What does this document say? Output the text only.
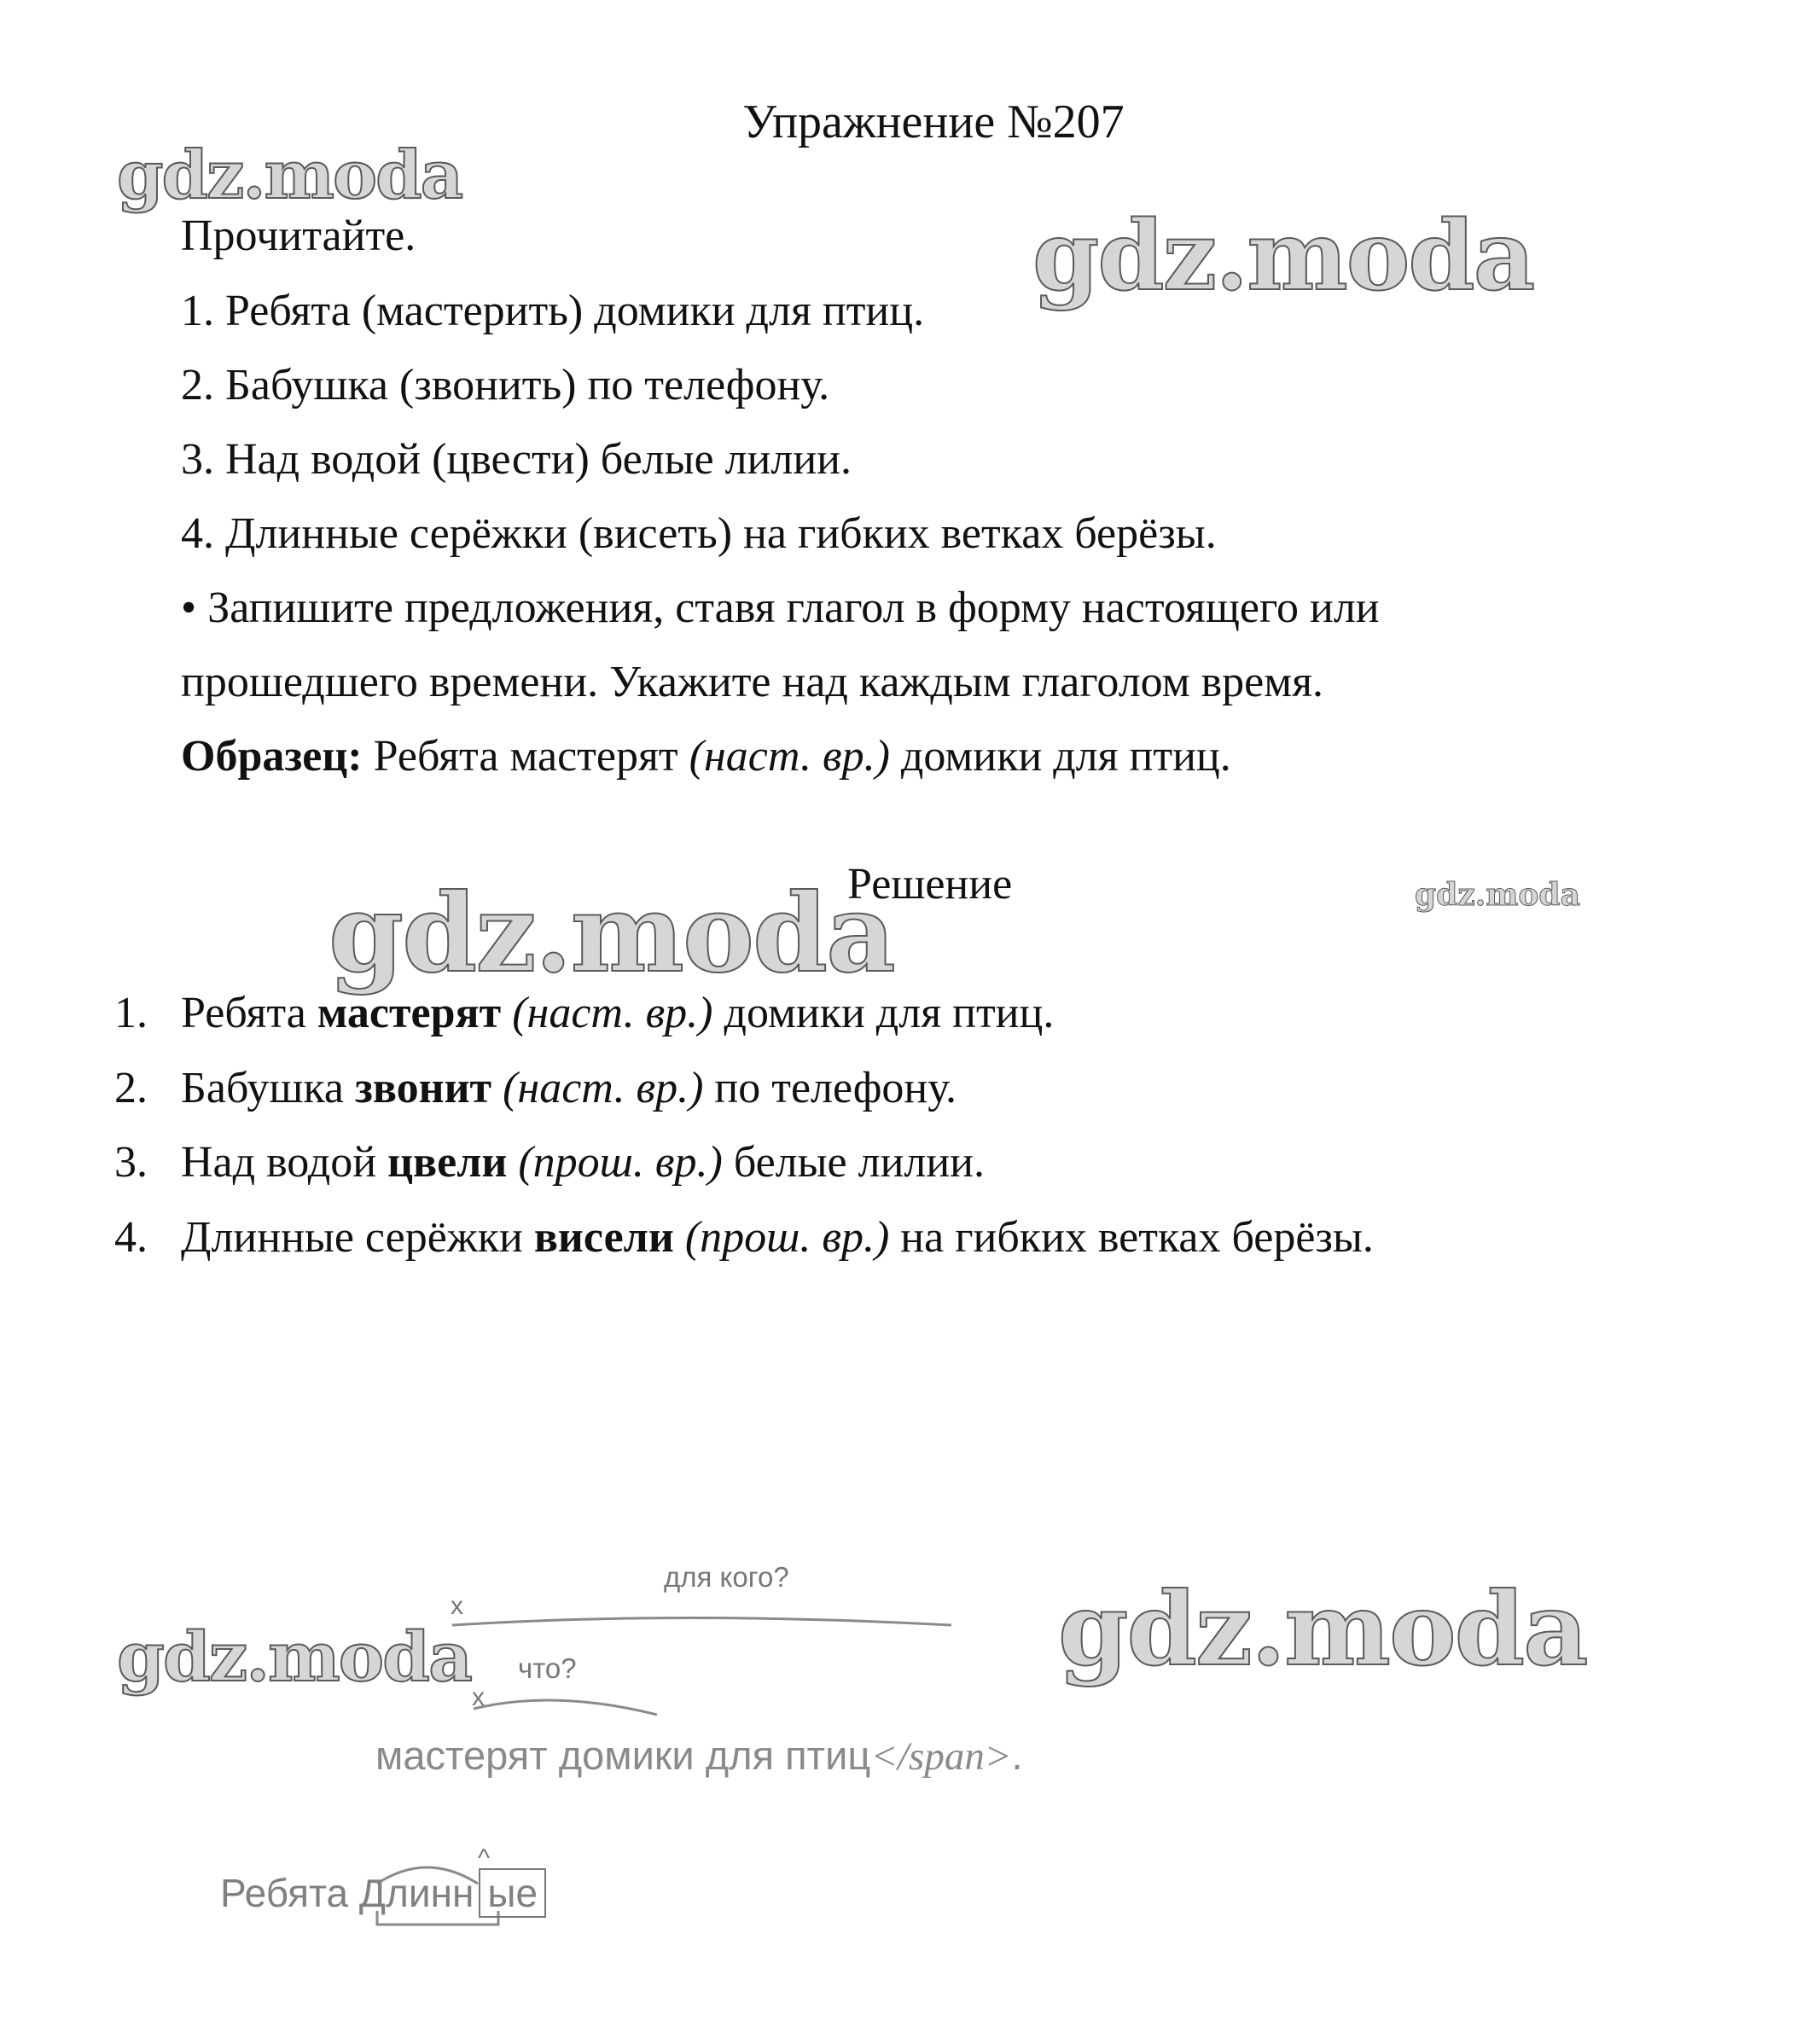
gdz.moda
gdz.moda
gdz.moda	gdz.moda
gdz.moda	gdz.moda
Упражнение №207
Прочитайте.
1. Ребята (мастерить) домики для птиц.
2. Бабушка (звонить) по телефону.
3. Над водой (цвести) белые лилии.
4. Длинные серёжки (висеть) на гибких ветках берёзы.
• Запишите предложения, ставя глагол в форму настоящего или
прошедшего времени. Укажите над каждым глаголом время.
Образец: Ребята мастерят (наст. вр.) домики для птиц.
Решение
1. Ребята мастерят (наст. вр.) домики для птиц.
2. Бабушка звонит (наст. вр.) по телефону.
3. Над водой цвели (прош. вр.) белые лилии.
4. Длинные серёжки висели (прош. вр.) на гибких ветках берёзы.
для кого?
x
что?
x
мастерят домики для птиц</span>.
Ребята Длинн ые
^
